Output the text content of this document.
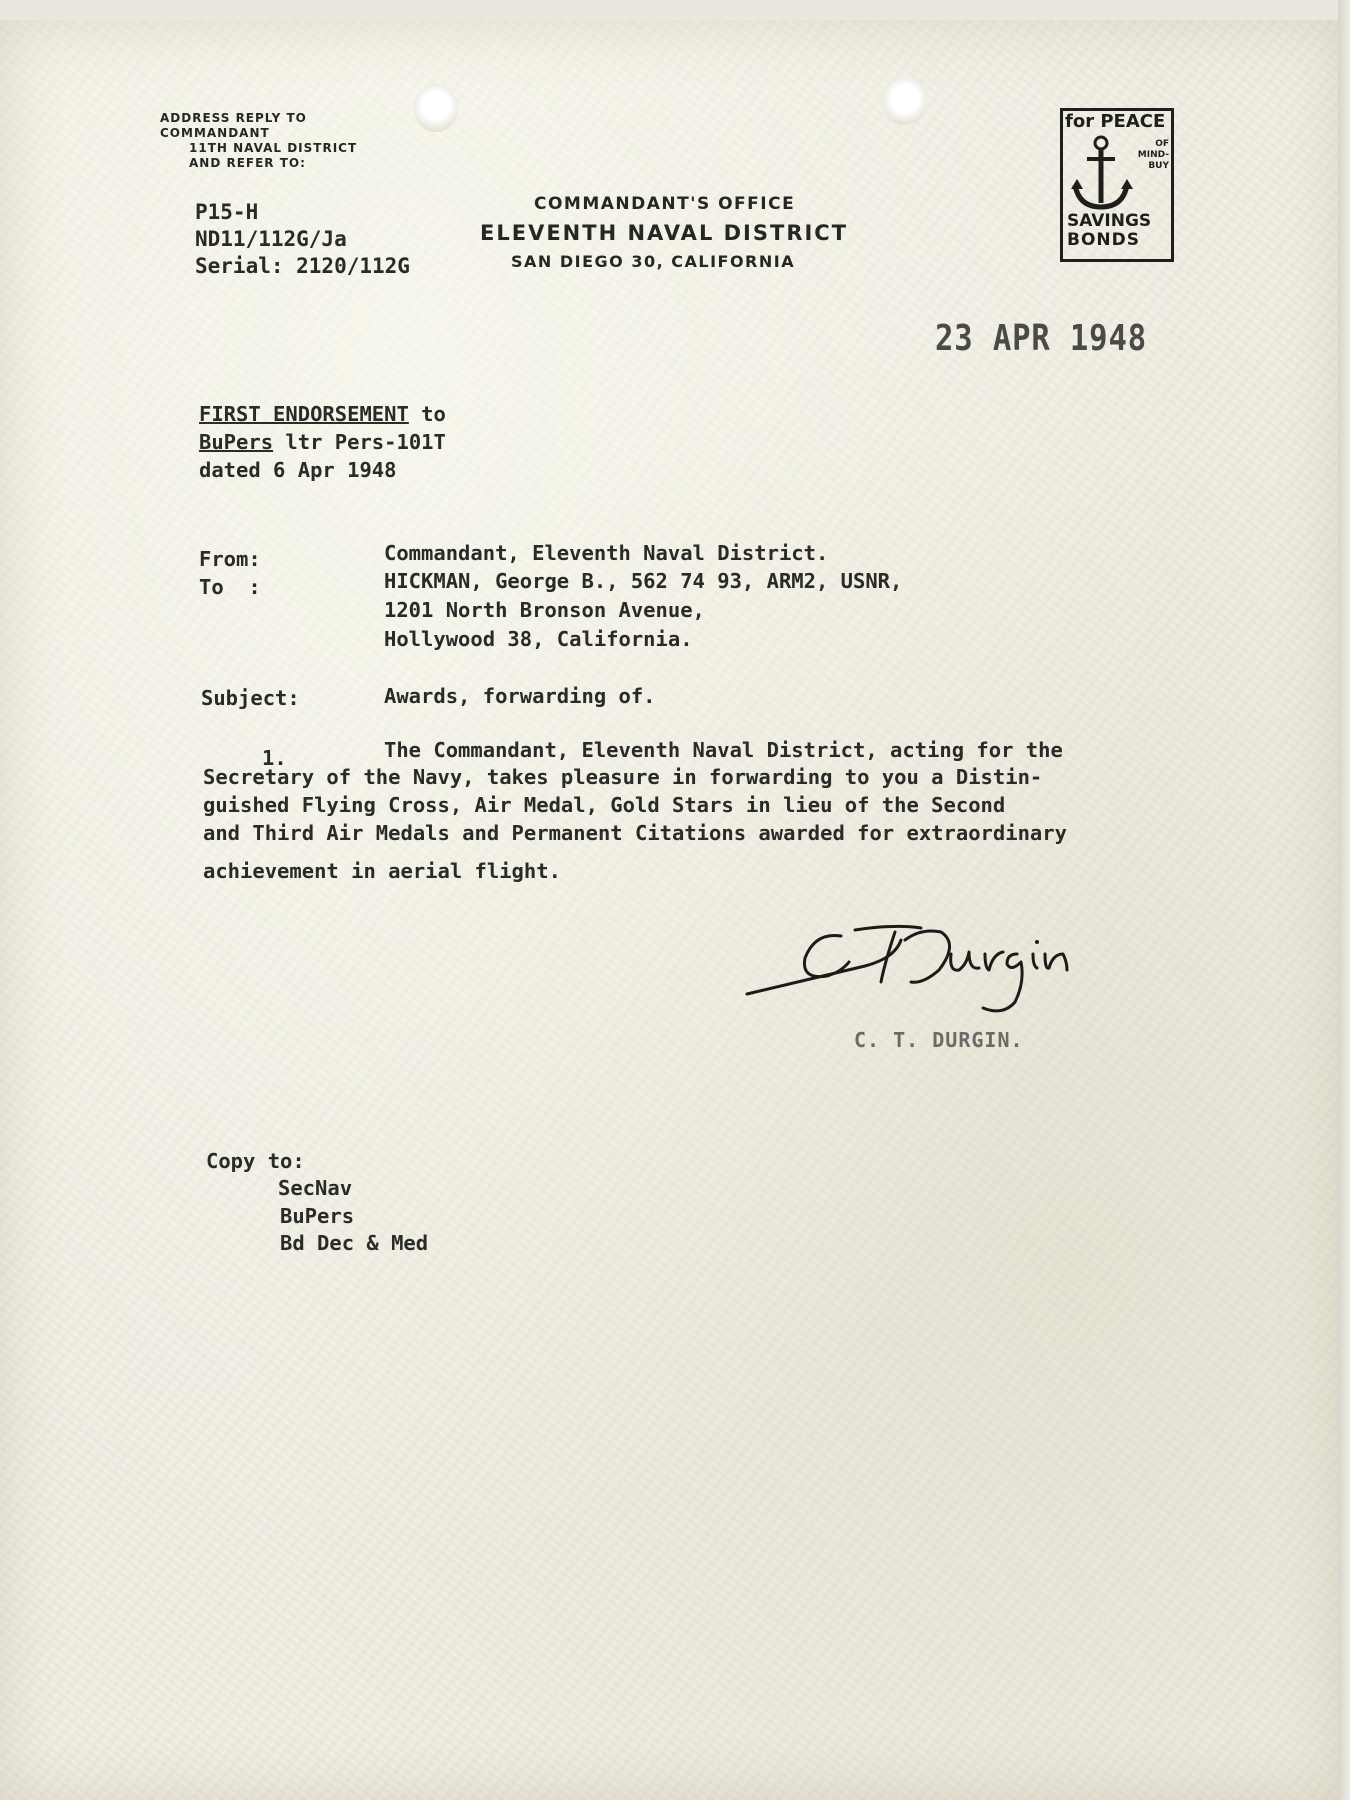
ADDRESS REPLY TO
COMMANDANT
11TH NAVAL DISTRICT
AND REFER TO:
P15-H
ND11/112G/Ja
Serial: 2120/112G
COMMANDANT'S OFFICE
ELEVENTH NAVAL DISTRICT
SAN DIEGO 30, CALIFORNIA
for PEACE
OF
MIND-
BUY
SAVINGS
BONDS
23 APR 1948
FIRST ENDORSEMENT to
BuPers ltr Pers-101T
dated 6 Apr 1948
From:	Commandant, Eleventh Naval District.
To  :	HICKMAN, George B., 562 74 93, ARM2, USNR,
1201 North Bronson Avenue,
Hollywood 38, California.
Subject:	Awards, forwarding of.
1.	The Commandant, Eleventh Naval District, acting for the
Secretary of the Navy, takes pleasure in forwarding to you a Distin-
guished Flying Cross, Air Medal, Gold Stars in lieu of the Second
and Third Air Medals and Permanent Citations awarded for extraordinary
achievement in aerial flight.
C. T. DURGIN.
Copy to:
SecNav
BuPers
Bd Dec & Med
